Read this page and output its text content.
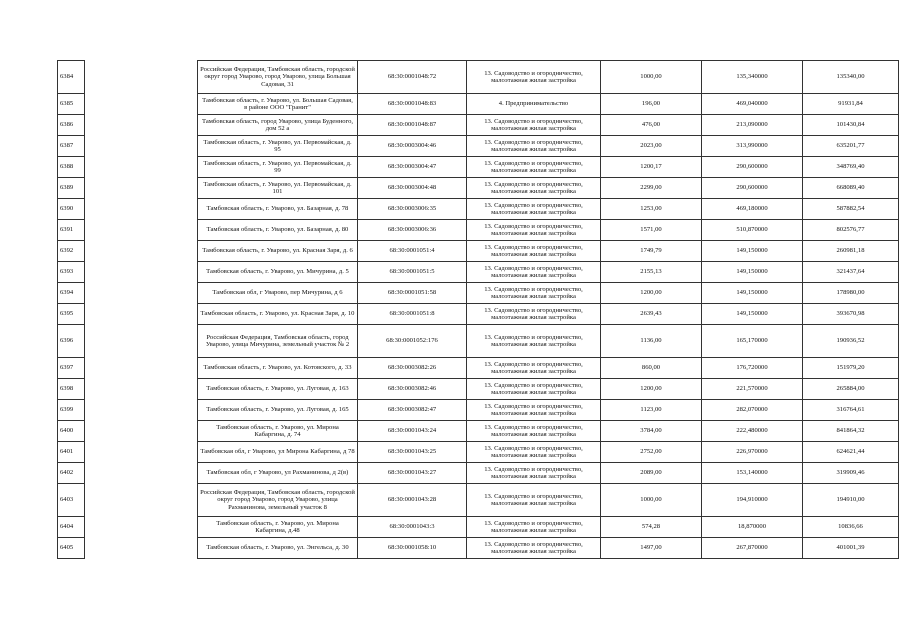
6384		Российская Федерация, Тамбовская область, городской округ город Уварово, город Уварово, улица Большая Садовая, 31	68:30:0001048:72	13. Садоводство и огородничество, малоэтажная жилая застройка	1000,00	135,340000	135340,00
6385		Тамбовская область, г. Уварово, ул. Большая Садовая, в районе ООО "Гранит"	68:30:0001048:83	4. Предпринимательство	196,00	469,040000	91931,84
6386		Тамбовская область, город Уварово, улица Буденного, дом 52 а	68:30:0001048:87	13. Садоводство и огородничество, малоэтажная жилая застройка	476,00	213,090000	101430,84
6387		Тамбовская область, г. Уварово, ул. Первомайская, д. 95	68:30:0003004:46	13. Садоводство и огородничество, малоэтажная жилая застройка	2023,00	313,990000	635201,77
6388		Тамбовская область, г. Уварово, ул. Первомайская, д. 99	68:30:0003004:47	13. Садоводство и огородничество, малоэтажная жилая застройка	1200,17	290,600000	348769,40
6389		Тамбовская область, г. Уварово, ул. Первомайская, д. 101	68:30:0003004:48	13. Садоводство и огородничество, малоэтажная жилая застройка	2299,00	290,600000	668089,40
6390		Тамбовская область, г. Уварово, ул. Базарная, д. 78	68:30:0003006:35	13. Садоводство и огородничество, малоэтажная жилая застройка	1253,00	469,180000	587882,54
6391		Тамбовская область, г. Уварово, ул. Базарная, д. 80	68:30:0003006:36	13. Садоводство и огородничество, малоэтажная жилая застройка	1571,00	510,870000	802576,77
6392		Тамбовская область, г. Уварово, ул. Красная Заря, д. 6	68:30:0001051:4	13. Садоводство и огородничество, малоэтажная жилая застройка	1749,79	149,150000	260981,18
6393		Тамбовская область, г. Уварово, ул. Мичурина, д. 5	68:30:0001051:5	13. Садоводство и огородничество, малоэтажная жилая застройка	2155,13	149,150000	321437,64
6394		Тамбовская обл, г Уварово, пер Мичурина, д 6	68:30:0001051:58	13. Садоводство и огородничество, малоэтажная жилая застройка	1200,00	149,150000	178980,00
6395		Тамбовская область, г. Уварово, ул. Красная Заря, д. 10	68:30:0001051:8	13. Садоводство и огородничество, малоэтажная жилая застройка	2639,43	149,150000	393670,98
6396		Российская Федерация, Тамбовская область, город Уварово, улица Мичурина, земельный участок № 2	68:30:0001052:176	13. Садоводство и огородничество, малоэтажная жилая застройка	1136,00	165,170000	190936,52
6397		Тамбовская область, г. Уварово, ул. Котовского, д. 33	68:30:0003082:26	13. Садоводство и огородничество, малоэтажная жилая застройка	860,00	176,720000	151979,20
6398		Тамбовская область, г. Уварово, ул. Луговая, д. 163	68:30:0003082:46	13. Садоводство и огородничество, малоэтажная жилая застройка	1200,00	221,570000	265884,00
6399		Тамбовская область, г. Уварово, ул. Луговая, д. 165	68:30:0003082:47	13. Садоводство и огородничество, малоэтажная жилая застройка	1123,00	282,070000	316764,61
6400		Тамбовская область, г. Уварово, ул. Мирона Кабаргина, д. 74	68:30:0001043:24	13. Садоводство и огородничество, малоэтажная жилая застройка	3784,00	222,480000	841864,32
6401		Тамбовская обл, г Уварово, ул Мирона Кабаргина, д 78	68:30:0001043:25	13. Садоводство и огородничество, малоэтажная жилая застройка	2752,00	226,970000	624621,44
6402		Тамбовская обл, г Уварово, ул Рахманинова, д 2(в)	68:30:0001043:27	13. Садоводство и огородничество, малоэтажная жилая застройка	2089,00	153,140000	319909,46
6403		Российская Федерация, Тамбовская область, городской округ город Уварово, город Уварово, улица Рахманинова, земельный участок 8	68:30:0001043:28	13. Садоводство и огородничество, малоэтажная жилая застройка	1000,00	194,910000	194910,00
6404		Тамбовская область, г. Уварово, ул. Мирона Кабаргина, д.48	68:30:0001043:3	13. Садоводство и огородничество, малоэтажная жилая застройка	574,28	18,870000	10836,66
6405		Тамбовская область, г. Уварово, ул. Энгельса, д. 30	68:30:0001058:10	13. Садоводство и огородничество, малоэтажная жилая застройка	1497,00	267,870000	401001,39
